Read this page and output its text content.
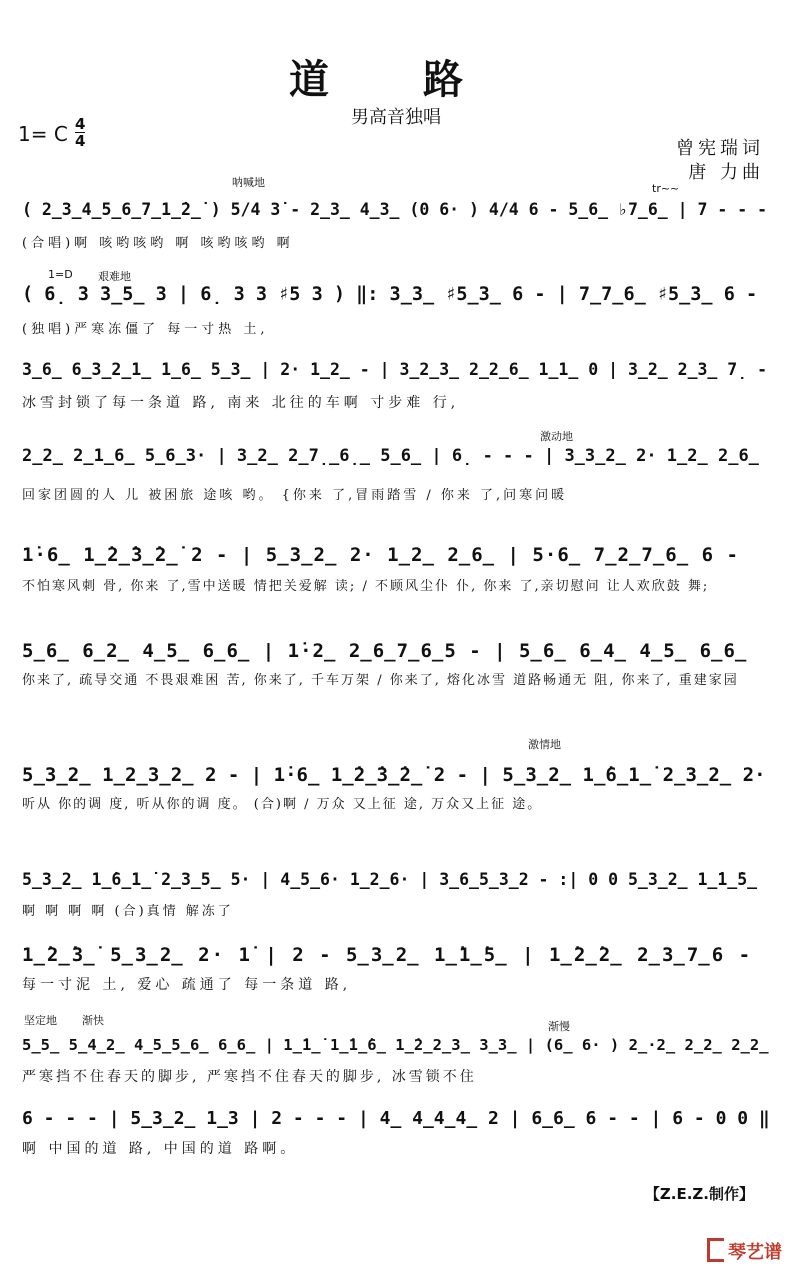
道 路
男高音独唱
1= C 4
4	曾宪瑞词
唐 力曲
呐喊地	tr~~
1=D 艰难地
激动地
激情地
坚定地 渐快	渐慢
( 2̲3̲4̲5̲6̲7̲1̲̇2̲̇ ) 5/4 3̇ - 2̲3̲ 4̲3̲ (0 6· ) 4/4 6 - 5̲6̲ ♭7̲6̲ | 7 - - -
(合唱)啊 咳哟咳哟 啊 咳哟咳哟 啊
( 6̣ 3 3̲5̲ 3 | 6̣ 3 3 ♯5 3 ) ‖: 3̲3̲ ♯5̲3̲ 6 - | 7̲7̲6̲ ♯5̲3̲ 6 -
(独唱)严寒冻僵了 每一寸热 土,
3̲6̲ 6̲3̲2̲1̲ 1̲6̲ 5̲3̲ | 2· 1̲2̲ - | 3̲2̲3̲ 2̲2̲6̲ 1̲1̲ 0 | 3̲2̲ 2̲3̲ 7̣ -
冰雪封锁了每一条道 路, 南来 北往的车啊 寸步难 行,
2̲2̲ 2̲1̲6̲ 5̲6̲3· | 3̲2̲ 2̲7̣̲6̣̲ 5̲6̲ | 6̣ - - - | 3̲3̲2̲ 2· 1̲2̲ 2̲6̲
回家团圆的人 儿 被困旅 途咳 哟。 {你来 了,冒雨踏雪 / 你来 了,问寒问暖
1̇·6̲ 1̲̇2̲̇3̲̇2̲̇ 2 - | 5̲3̲2̲ 2· 1̲2̲ 2̲6̲ | 5·6̲ 7̲2̲7̲6̲ 6 -
不怕寒风刺 骨, 你来 了,雪中送暖 情把关爱解 读; / 不顾风尘仆 仆, 你来 了,亲切慰问 让人欢欣鼓 舞;
5̲6̲ 6̲2̲ 4̲5̲ 6̲6̲ | 1̇·2̲ 2̲6̲7̲6̲5 - | 5̲6̲ 6̲4̲ 4̲5̲ 6̲6̲
你来了, 疏导交通 不畏艰难困 苦, 你来了, 千车万架 / 你来了, 熔化冰雪 道路畅通无 阻, 你来了, 重建家园
5̲3̲2̲ 1̲2̲3̲2̲ 2 - | 1̇·6̲ 1̲̇2̲̇3̲̇2̲̇ 2 - | 5̲3̲2̲ 1̲̇6̲1̲̇ 2̲3̲2̲ 2·
听从 你的调 度, 听从你的调 度。 (合)啊 / 万众 又上征 途, 万众又上征 途。
5̲3̲2̲ 1̲̇6̲1̲̇ 2̲3̲5̲ 5· | 4̲5̲6· 1̲2̲6· | 3̲6̲5̲3̲2 - :| 0 0 5̲3̲2̲ 1̲̇1̲̇5̲
啊 啊 啊 啊 (合)真情 解冻了
1̲̇2̲̇3̲̇ 5̲3̲2̲ 2· 1̇ | 2 - 5̲3̲2̲ 1̲̇1̲̇5̲ | 1̲̇2̲̇2̲ 2̲3̲7̲6 -
每一寸泥 土, 爱心 疏通了 每一条道 路,
5̲5̲ 5̲4̲2̲ 4̲5̲5̲6̲ 6̲6̲ | 1̲̇1̲̇ 1̲̇1̲̇6̲ 1̲̇2̲2̲3̲ 3̲3̲ | (6̲ 6· ) 2̲·2̲ 2̲2̲ 2̲2̲
严寒挡不住春天的脚步, 严寒挡不住春天的脚步, 冰雪锁不住
6 - - - | 5̲3̲2̲ 1̲3 | 2 - - - | 4̲ 4̲4̲4̲ 2 | 6̲6̲ 6 - - | 6 - 0 0 ‖
啊 中国的道 路, 中国的道 路啊。
【Z.E.Z.制作】
琴艺谱
